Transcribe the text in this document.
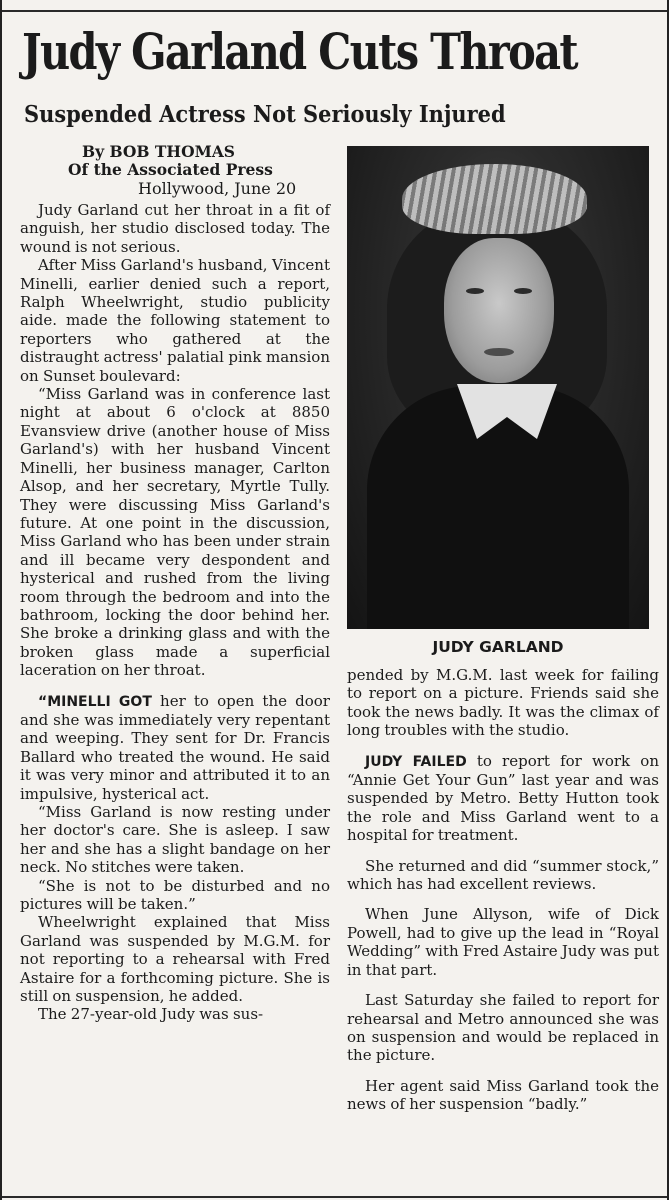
Judy Garland Cuts Throat
Suspended Actress Not Seriously Injured
By BOB THOMAS
Of the Associated Press
Hollywood, June 20

Judy Garland cut her throat in a fit of anguish, her studio disclosed today. The wound is not serious.

After Miss Garland's husband, Vincent Minelli, earlier denied such a report, Ralph Wheelwright, studio publicity aide. made the following statement to reporters who gathered at the distraught actress' palatial pink mansion on Sunset boulevard:

“Miss Garland was in conference last night at about 6 o'clock at 8850 Evansview drive (another house of Miss Garland's) with her husband Vincent Minelli, her business manager, Carlton Alsop, and her secretary, Myrtle Tully. They were discussing Miss Garland's future. At one point in the discussion, Miss Garland who has been under strain and ill became very despondent and hysterical and rushed from the living room through the bedroom and into the bathroom, locking the door behind her. She broke a drinking glass and with the broken glass made a superficial laceration on her throat.

“MINELLI GOT her to open the door and she was immediately very repentant and weeping. They sent for Dr. Francis Ballard who treated the wound. He said it was very minor and attributed it to an impulsive, hysterical act.

“Miss Garland is now resting under her doctor's care. She is asleep. I saw her and she has a slight bandage on her neck. No stitches were taken.

“She is not to be disturbed and no pictures will be taken.”

Wheelwright explained that Miss Garland was suspended by M.G.M. for not reporting to a rehearsal with Fred Astaire for a forthcoming picture. She is still on suspension, he added.

The 27-year-old Judy was sus-

JUDY GARLAND

pended by M.G.M. last week for failing to report on a picture. Friends said she took the news badly. It was the climax of long troubles with the studio.

JUDY FAILED to report for work on “Annie Get Your Gun” last year and was suspended by Metro. Betty Hutton took the role and Miss Garland went to a hospital for treatment.

She returned and did “summer stock,” which has had excellent reviews.

When June Allyson, wife of Dick Powell, had to give up the lead in “Royal Wedding” with Fred Astaire Judy was put in that part.

Last Saturday she failed to report for rehearsal and Metro announced she was on suspension and would be replaced in the picture.

Her agent said Miss Garland took the news of her suspension “badly.”
